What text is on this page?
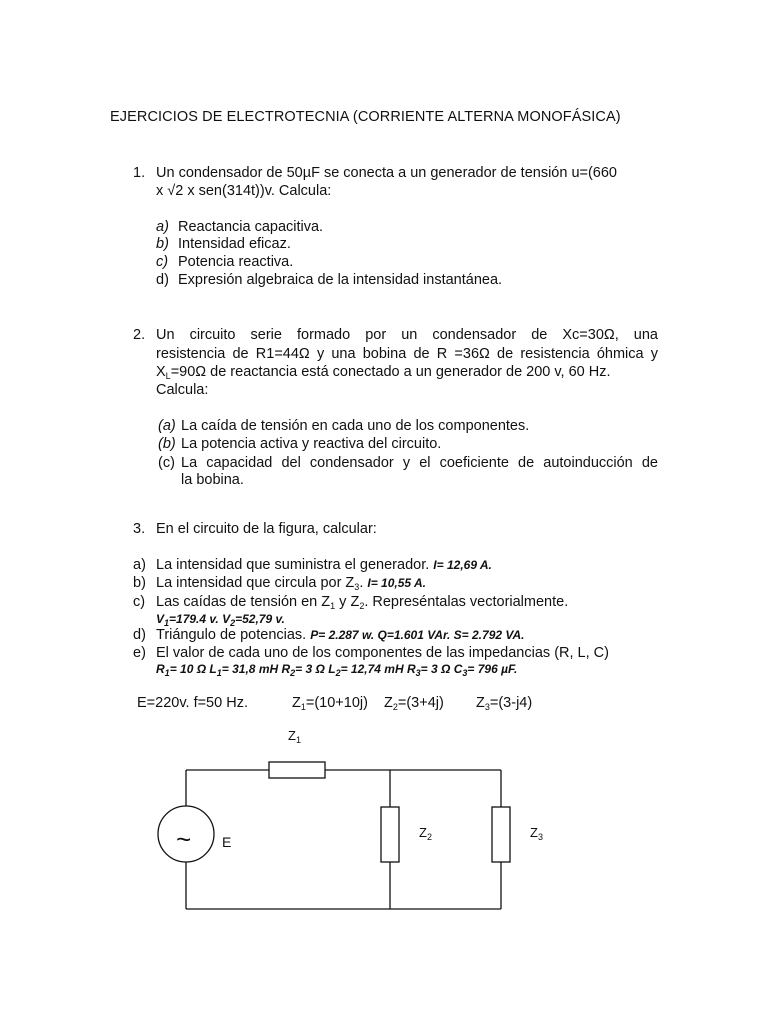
EJERCICIOS DE ELECTROTECNIA (CORRIENTE ALTERNA MONOFÁSICA)
1. Un condensador de 50µF se conecta a un generador de tensión u=(660
x √2 x sen(314t))v. Calcula:
a) Reactancia capacitiva.
b) Intensidad eficaz.
c) Potencia reactiva.
d) Expresión algebraica de la intensidad instantánea.
2. Un circuito serie formado por un condensador de Xc=30Ω, una
resistencia de R1=44Ω y una bobina de R =36Ω de resistencia óhmica y
$X_L=90\Omega$ de reactancia está conectado a un generador de 200 v, 60 Hz.
Calcula:
(a) La caída de tensión en cada uno de los componentes.
(b) La potencia activa y reactiva del circuito.
(c) La capacidad del condensador y el coeficiente de autoinducción de
la bobina.
3. En el circuito de la figura, calcular:
a) La intensidad que suministra el generador. I= 12,69 A.
b) La intensidad que circula por $Z_3$. I= 10,55 A.
c) Las caídas de tensión en $Z_1$ y $Z_2$. Represéntalas vectorialmente.
$V_1=179.4$ v. $V_2=52,79$ v.
d) Triángulo de potencias. P= 2.287 w. Q=1.601 VAr. S= 2.792 VA.
e) El valor de cada uno de los componentes de las impedancias (R, L, C)
$R_1= 10$ Ω $L_1= 31,8$ mH $R_2= 3$ Ω $L_2= 12,74$ mH $R_3= 3$ Ω $C_3= 796$ µF.
E=220v. f=50 Hz.	$Z_1=(10+10j)$ $Z_2=(3+4j)$ $Z_3=(3-j4)$
~ E
$Z_1$
$Z_2$	$Z_3$
